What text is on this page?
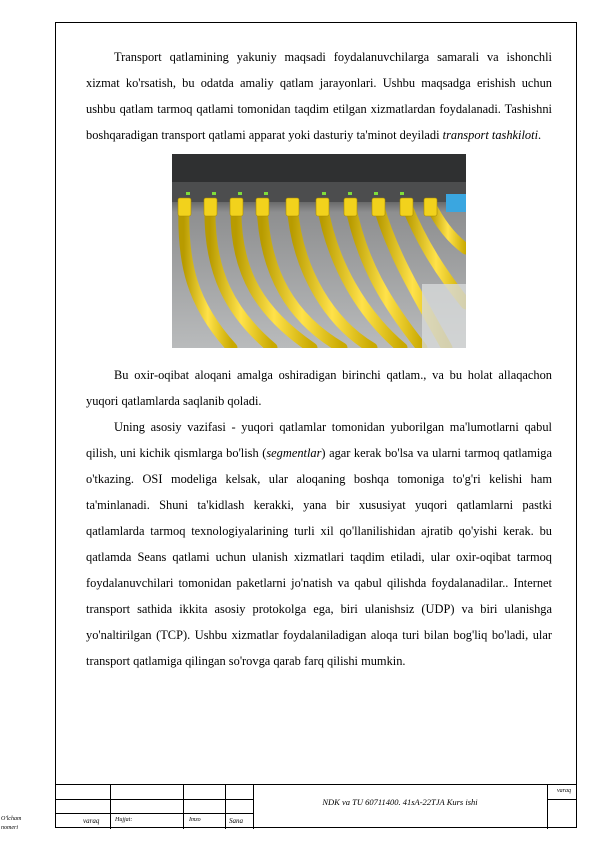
Transport qatlamining yakuniy maqsadi foydalanuvchilarga samarali va ishonchli xizmat ko'rsatish, bu odatda amaliy qatlam jarayonlari. Ushbu maqsadga erishish uchun ushbu qatlam tarmoq qatlami tomonidan taqdim etilgan xizmatlardan foydalanadi. Tashishni boshqaradigan transport qatlami apparat yoki dasturiy ta'minot deyiladi transport tashkiloti.

Bu oxir-oqibat aloqani amalga oshiradigan birinchi qatlam., va bu holat allaqachon yuqori qatlamlarda saqlanib qoladi.

Uning asosiy vazifasi - yuqori qatlamlar tomonidan yuborilgan ma'lumotlarni qabul qilish, uni kichik qismlarga bo'lish (segmentlar) agar kerak bo'lsa va ularni tarmoq qatlamiga o'tkazing. OSI modeliga kelsak, ular aloqaning boshqa tomoniga to'g'ri kelishi ham ta'minlanadi. Shuni ta'kidlash kerakki, yana bir xususiyat yuqori qatlamlarni pastki qatlamlarda tarmoq texnologiyalarining turli xil qo'llanilishidan ajratib qo'yishi kerak. bu qatlamda Seans qatlami uchun ulanish xizmatlari taqdim etiladi, ular oxir-oqibat tarmoq foydalanuvchilari tomonidan paketlarni jo'natish va qabul qilishda foydalanadilar.. Internet transport sathida ikkita asosiy protokolga ega, biri ulanishsiz (UDP) va biri ulanishga yo'naltirilgan (TCP). Ushbu xizmatlar foydalaniladigan aloqa turi bilan bog'liq bo'ladi, ular transport qatlamiga qilingan so'rovga qarab farq qilishi mumkin.

O'lcham
nomeri
varaq	Hujjat:	Imzo	Sana
NDK va TU 60711400. 41sA-22TJA Kurs ishi
varaq
